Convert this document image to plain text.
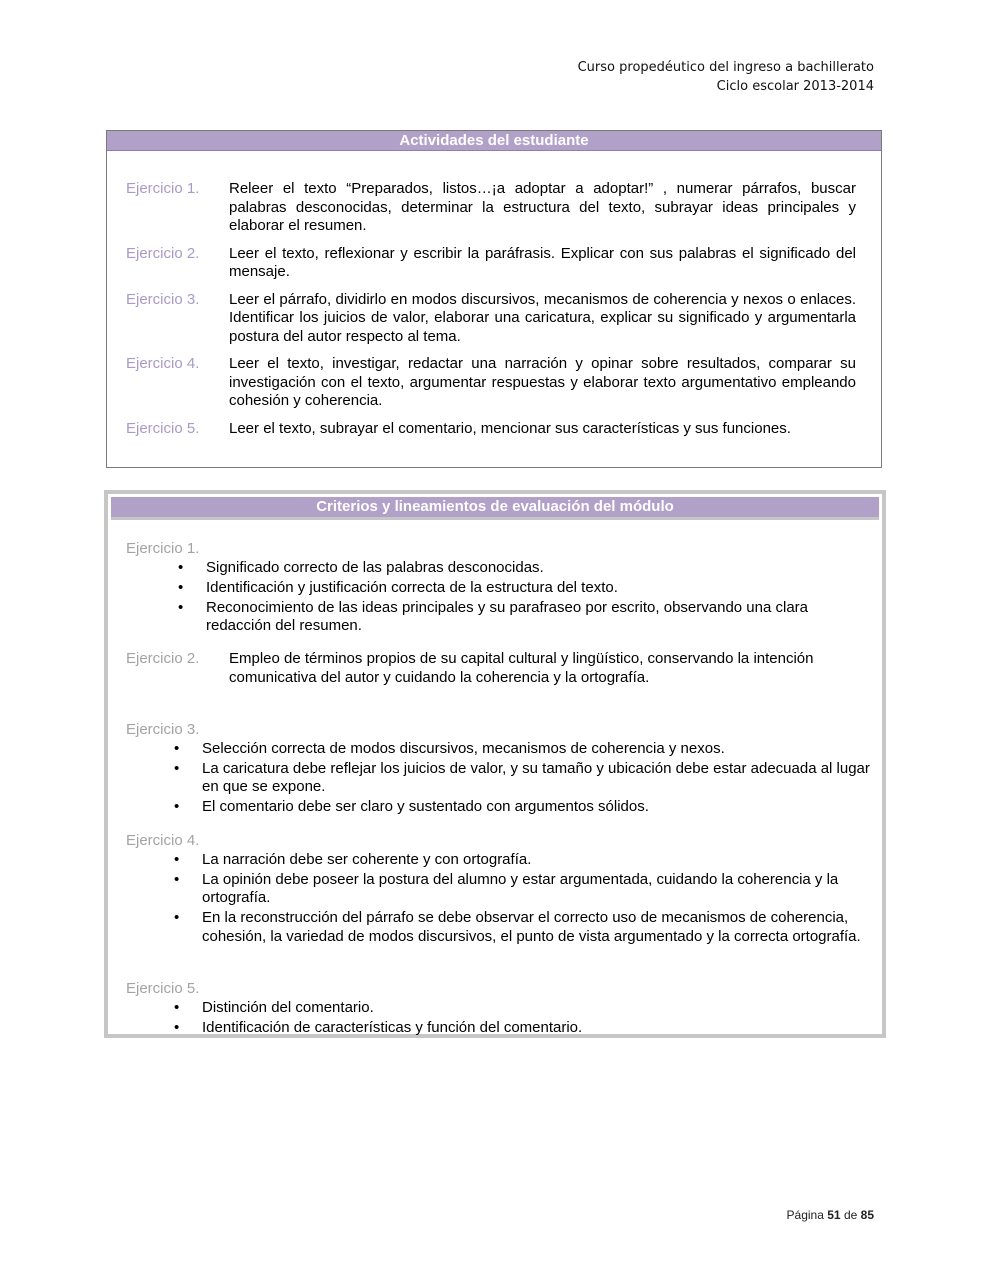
Curso propedéutico del ingreso a bachillerato
Ciclo escolar 2013-2014
Actividades del estudiante
Ejercicio 1.	Releer el texto “Preparados, listos…¡a adoptar a adoptar!” , numerar párrafos, buscar palabras desconocidas, determinar la estructura del texto, subrayar ideas principales y elaborar el resumen.
Ejercicio 2.	Leer el texto, reflexionar y escribir la paráfrasis. Explicar con sus palabras el significado del mensaje.
Ejercicio 3.	Leer el párrafo, dividirlo en modos discursivos, mecanismos de coherencia y nexos o enlaces. Identificar los juicios de valor, elaborar una caricatura, explicar su significado y argumentarla postura del autor respecto al tema.
Ejercicio 4.	Leer el texto, investigar, redactar una narración y opinar sobre resultados, comparar su investigación con el texto, argumentar respuestas y elaborar texto argumentativo empleando cohesión y coherencia.
Ejercicio 5.	Leer el texto, subrayar el comentario, mencionar sus características y sus funciones.
Criterios y lineamientos de evaluación del módulo
Ejercicio 1.
• Significado correcto de las palabras desconocidas.
• Identificación y justificación correcta de la estructura del texto.
• Reconocimiento de las ideas principales y su parafraseo por escrito, observando una clara redacción del resumen.
Ejercicio 2.	Empleo de términos propios de su capital cultural y lingüístico, conservando la intención comunicativa del autor y cuidando la coherencia y la ortografía.
Ejercicio 3.
• Selección correcta de modos discursivos, mecanismos de coherencia y nexos.
• La caricatura debe reflejar los juicios de valor, y su tamaño y ubicación debe estar adecuada al lugar en que se expone.
• El comentario debe ser claro y sustentado con argumentos sólidos.
Ejercicio 4.
• La narración debe ser coherente y con ortografía.
• La opinión debe poseer la postura del alumno y estar argumentada, cuidando la coherencia y la ortografía.
• En la reconstrucción del párrafo se debe observar el correcto uso de mecanismos de coherencia, cohesión, la variedad de modos discursivos, el punto de vista argumentado y la correcta ortografía.
Ejercicio 5.
• Distinción del comentario.
• Identificación de características y función del comentario.
Página 51 de 85
